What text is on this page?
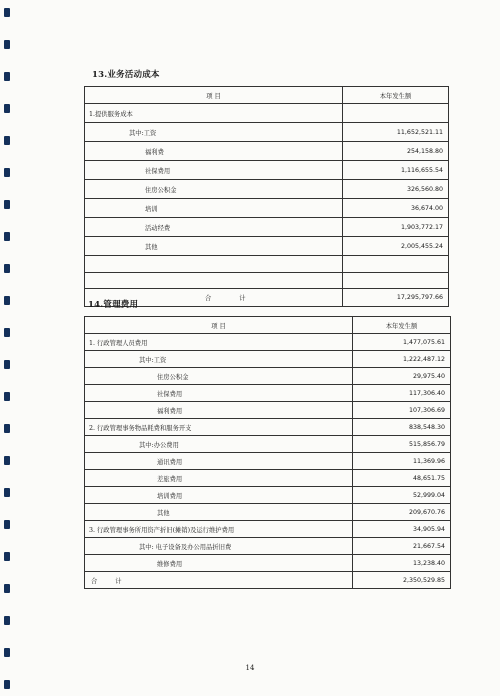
13.业务活动成本
项 目	本年发生额
1.提供服务成本	
其中:工资	11,652,521.11
福利费	254,158.80
社保费用	1,116,655.54
住房公积金	326,560.80
培训	36,674.00
活动经费	1,903,772.17
其他	2,005,455.24

合计	17,295,797.66
14.管理费用
项 目	本年发生额
1. 行政管理人员费用	1,477,075.61
其中:工资	1,222,487.12
住房公积金	29,975.40
社保费用	117,306.40
福利费用	107,306.69
2. 行政管理事务物品耗费和服务开支	838,548.30
其中:办公费用	515,856.79
通讯费用	11,369.96
差旅费用	48,651.75
培训费用	52,999.04
其他	209,670.76
3. 行政管理事务所用资产折旧(摊销)及运行维护费用	34,905.94
其中: 电子设备及办公用品折旧费	21,667.54
维修费用	13,238.40
合计	2,350,529.85
14
